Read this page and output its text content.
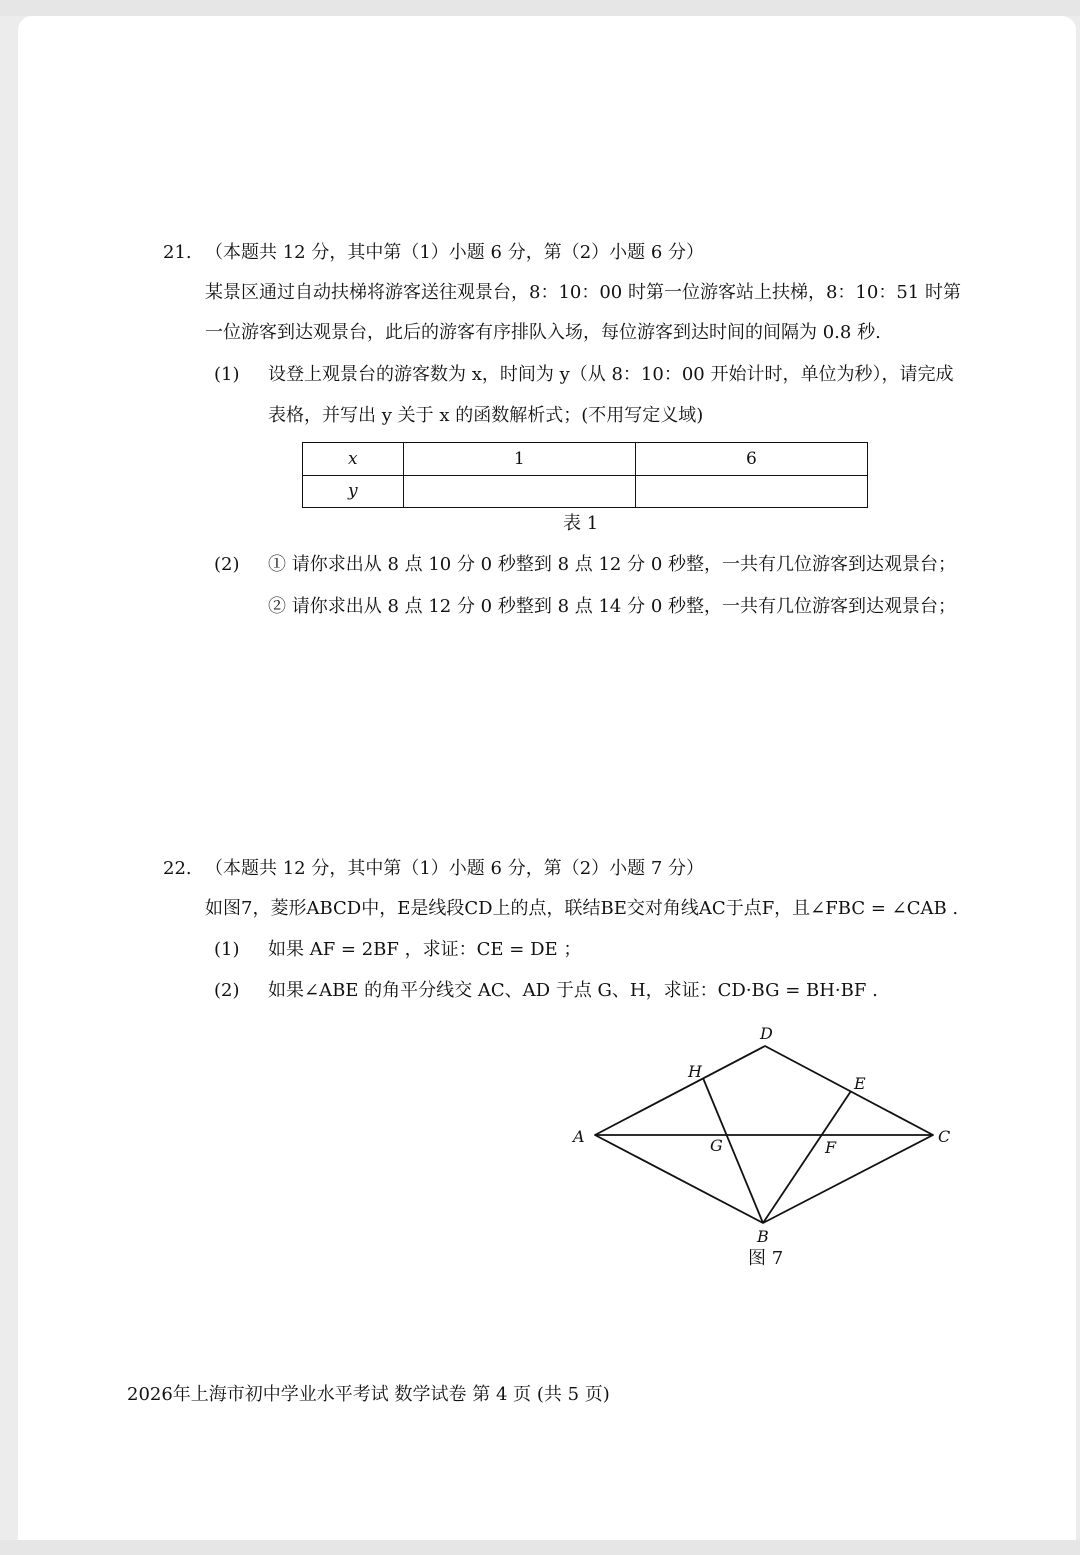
21. （本题共 12 分，其中第（1）小题 6 分，第（2）小题 6 分）
某景区通过自动扶梯将游客送往观景台，8：10：00 时第一位游客站上扶梯，8：10：51 时第
一位游客到达观景台，此后的游客有序排队入场，每位游客到达时间的间隔为 0.8 秒.
(1) 设登上观景台的游客数为 x，时间为 y（从 8：10：00 开始计时，单位为秒），请完成
表格，并写出 y 关于 x 的函数解析式；(不用写定义域)
x	1	6
y		
表 1
(2) ① 请你求出从 8 点 10 分 0 秒整到 8 点 12 分 0 秒整，一共有几位游客到达观景台；
② 请你求出从 8 点 12 分 0 秒整到 8 点 14 分 0 秒整，一共有几位游客到达观景台；
22. （本题共 12 分，其中第（1）小题 6 分，第（2）小题 7 分）
如图7，菱形ABCD中，E是线段CD上的点，联结BE交对角线AC于点F，且∠FBC = ∠CAB .
(1) 如果 AF = 2BF ，求证：CE = DE ；
(2) 如果∠ABE 的角平分线交 AC、AD 于点 G、H，求证：CD·BG = BH·BF .
A
D
C
B
E
F
G
H
图 7
2026年上海市初中学业水平考试 数学试卷 第 4 页 (共 5 页)
